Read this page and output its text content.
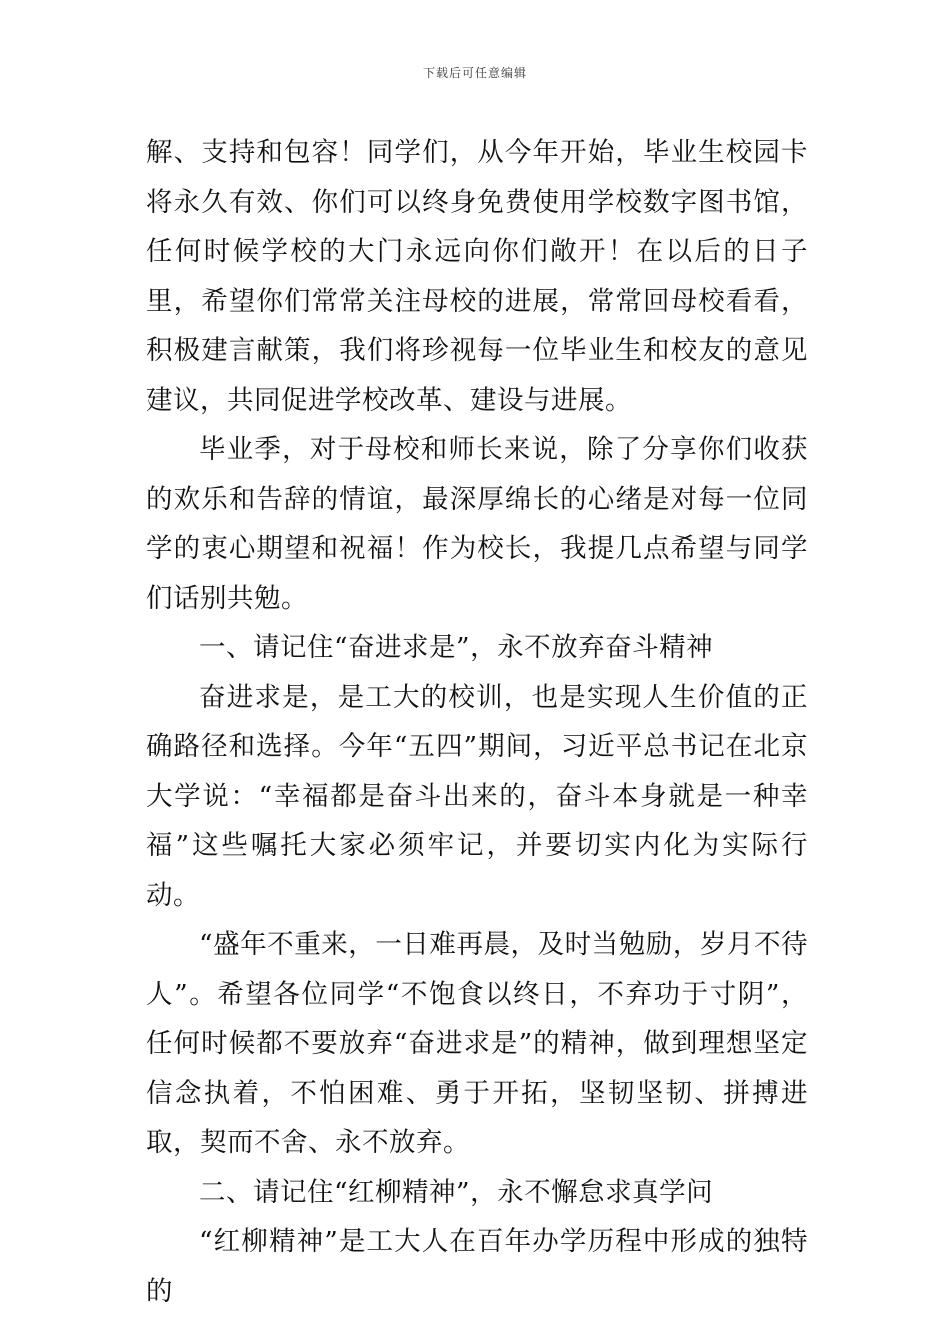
下载后可任意编辑

解、支持和包容！同学们，从今年开始，毕业生校园卡将永久有效、你们可以终身免费使用学校数字图书馆，任何时候学校的大门永远向你们敞开！在以后的日子里，希望你们常常关注母校的进展，常常回母校看看，积极建言献策，我们将珍视每一位毕业生和校友的意见建议，共同促进学校改革、建设与进展。

毕业季，对于母校和师长来说，除了分享你们收获的欢乐和告辞的情谊，最深厚绵长的心绪是对每一位同学的衷心期望和祝福！作为校长，我提几点希望与同学们话别共勉。

一、请记住“奋进求是”，永不放弃奋斗精神

奋进求是，是工大的校训，也是实现人生价值的正确路径和选择。今年“五四”期间，习近平总书记在北京大学说：“幸福都是奋斗出来的，奋斗本身就是一种幸福”这些嘱托大家必须牢记，并要切实内化为实际行动。

“盛年不重来，一日难再晨，及时当勉励，岁月不待人”。希望各位同学“不饱食以终日，不弃功于寸阴”，任何时候都不要放弃“奋进求是”的精神，做到理想坚定信念执着，不怕困难、勇于开拓，坚韧坚韧、拼搏进取，契而不舍、永不放弃。

二、请记住“红柳精神”，永不懈怠求真学问

“红柳精神”是工大人在百年办学历程中形成的独特的
